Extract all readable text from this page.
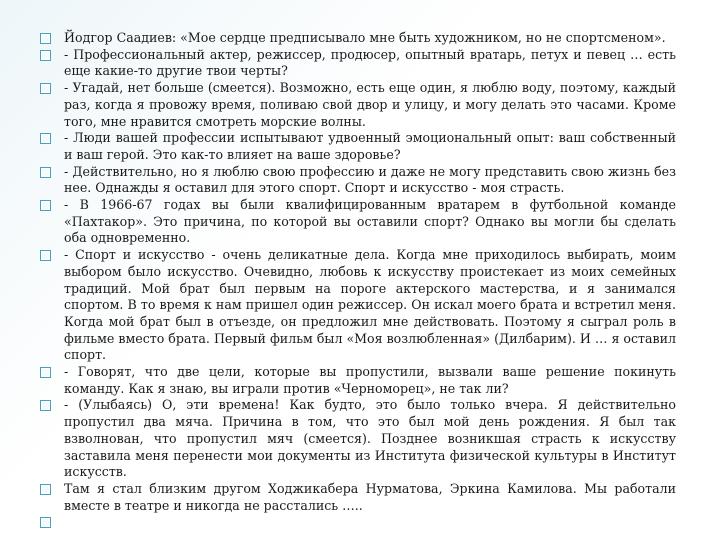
Йодгор Саадиев: «Мое сердце предписывало мне быть художником, но не спортсменом».

- Профессиональный актер, режиссер, продюсер, опытный вратарь, петух и певец … есть еще какие-то другие твои черты?

- Угадай, нет больше (смеется). Возможно, есть еще один, я люблю воду, поэтому, каждый раз, когда я провожу время, поливаю свой двор и улицу, и могу делать это часами. Кроме того, мне нравится смотреть морские волны.

- Люди вашей профессии испытывают удвоенный эмоциональный опыт: ваш собственный и ваш герой. Это как-то влияет на ваше здоровье?

- Действительно, но я люблю свою профессию и даже не могу представить свою жизнь без нее. Однажды я оставил для этого спорт. Спорт и искусство - моя страсть.

- В 1966-67 годах вы были квалифицированным вратарем в футбольной команде «Пахтакор». Это причина, по которой вы оставили спорт? Однако вы могли бы сделать оба одновременно.

- Спорт и искусство - очень деликатные дела. Когда мне приходилось выбирать, моим выбором было искусство. Очевидно, любовь к искусству проистекает из моих семейных традиций. Мой брат был первым на пороге актерского мастерства, и я занимался спортом. В то время к нам пришел один режиссер. Он искал моего брата и встретил меня. Когда мой брат был в отъезде, он предложил мне действовать. Поэтому я сыграл роль в фильме вместо брата. Первый фильм был «Моя возлюбленная» (Дилбарим). И … я оставил спорт.

- Говорят, что две цели, которые вы пропустили, вызвали ваше решение покинуть команду. Как я знаю, вы играли против «Черноморец», не так ли?

- (Улыбаясь) О, эти времена! Как будто, это было только вчера. Я действительно пропустил два мяча. Причина в том, что это был мой день рождения. Я был так взволнован, что пропустил мяч (смеется). Позднее возникшая страсть к искусству заставила меня перенести мои документы из Института физической культуры в Институт искусств.

Там я стал близким другом Ходжикабера Нурматова, Эркина Камилова. Мы работали вместе в театре и никогда не расстались …..
